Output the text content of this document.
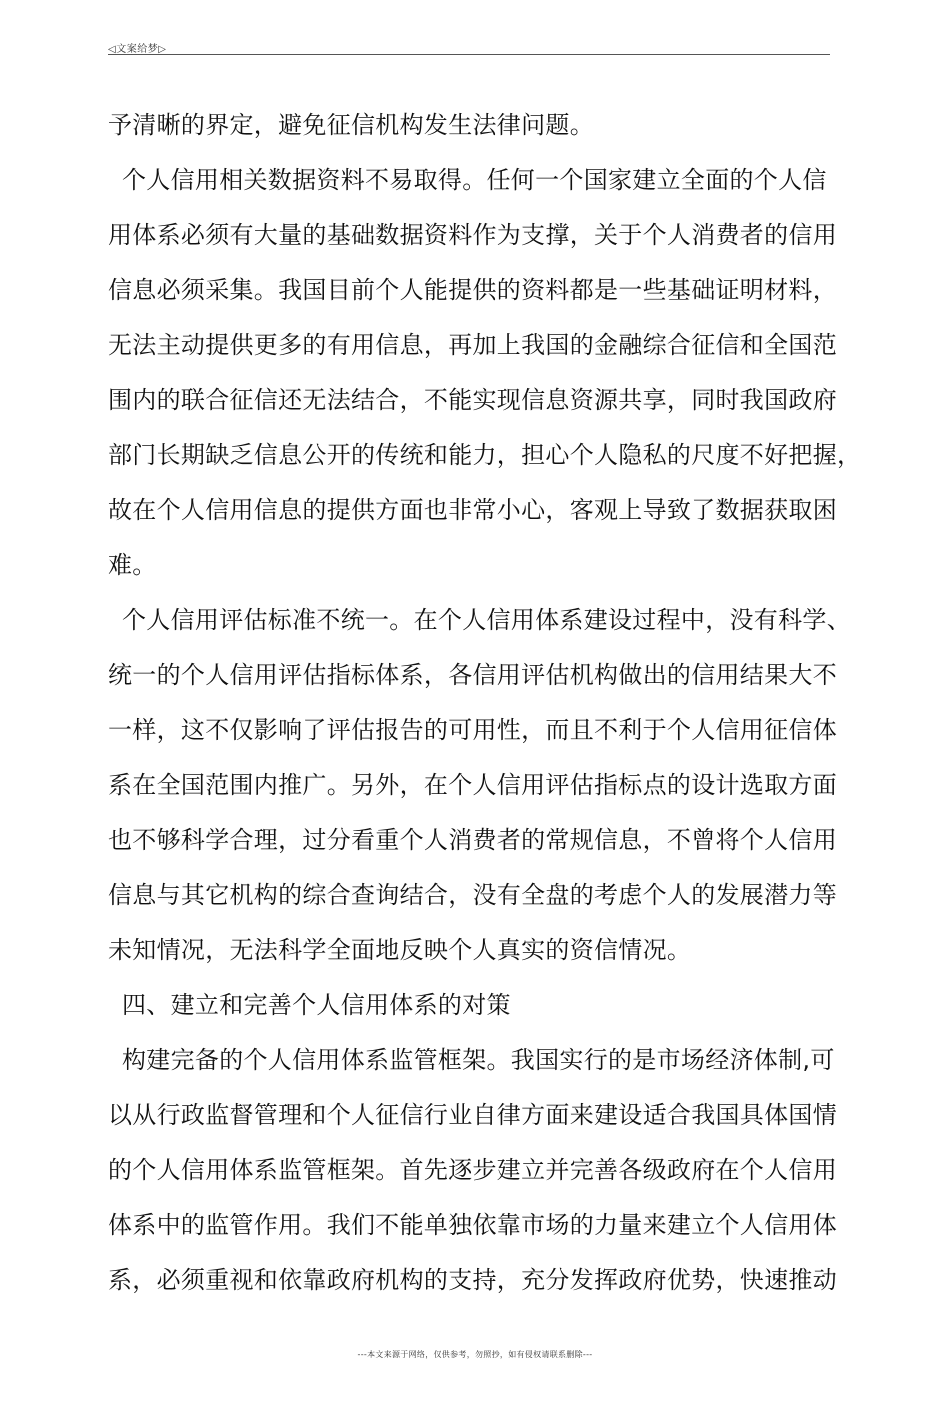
◁文案给梦▷
予清晰的界定，避免征信机构发生法律问题。
个人信用相关数据资料不易取得。任何一个国家建立全面的个人信
用体系必须有大量的基础数据资料作为支撑，关于个人消费者的信用
信息必须采集。我国目前个人能提供的资料都是一些基础证明材料，
无法主动提供更多的有用信息，再加上我国的金融综合征信和全国范
围内的联合征信还无法结合，不能实现信息资源共享，同时我国政府
部门长期缺乏信息公开的传统和能力，担心个人隐私的尺度不好把握，
故在个人信用信息的提供方面也非常小心，客观上导致了数据获取困
难。
个人信用评估标准不统一。在个人信用体系建设过程中，没有科学、
统一的个人信用评估指标体系，各信用评估机构做出的信用结果大不
一样，这不仅影响了评估报告的可用性，而且不利于个人信用征信体
系在全国范围内推广。另外，在个人信用评估指标点的设计选取方面
也不够科学合理，过分看重个人消费者的常规信息，不曾将个人信用
信息与其它机构的综合查询结合，没有全盘的考虑个人的发展潜力等
未知情况，无法科学全面地反映个人真实的资信情况。
四、建立和完善个人信用体系的对策
构建完备的个人信用体系监管框架。我国实行的是市场经济体制,可
以从行政监督管理和个人征信行业自律方面来建设适合我国具体国情
的个人信用体系监管框架。首先逐步建立并完善各级政府在个人信用
体系中的监管作用。我们不能单独依靠市场的力量来建立个人信用体
系，必须重视和依靠政府机构的支持，充分发挥政府优势，快速推动
---本文来源于网络，仅供参考，勿照抄，如有侵权请联系删除---
